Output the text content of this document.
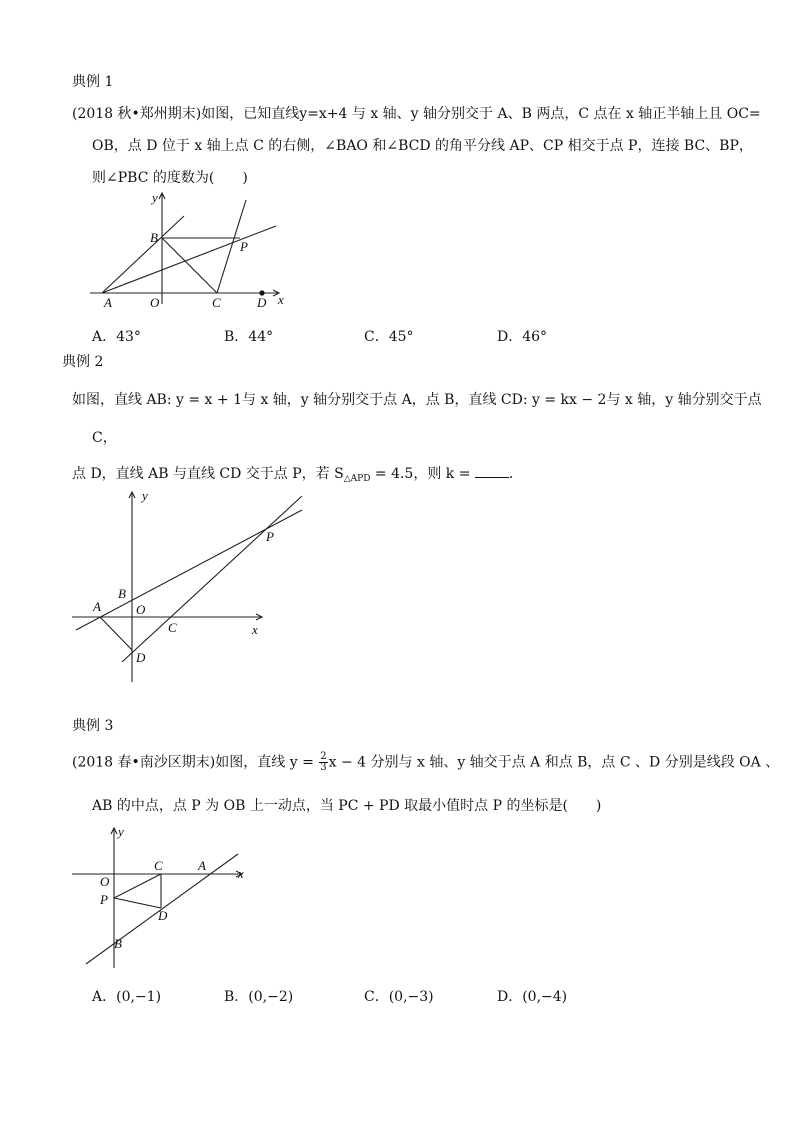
典例 1
(2018 秋•郑州期末)如图，已知直线y=x+4 与 x 轴、y 轴分别交于 A、B 两点，C 点在 x 轴正半轴上且 OC=
OB，点 D 位于 x 轴上点 C 的右侧，∠BAO 和∠BCD 的角平分线 AP、CP 相交于点 P，连接 BC、BP，
则∠PBC 的度数为(　　)
y
x
A	O
B
C	D
P
A．43°	B．44°	C．45°	D．46°
典例 2
如图，直线 AB: y = x + 1与 x 轴，y 轴分别交于点 A，点 B，直线 CD: y = kx − 2与 x 轴，y 轴分别交于点
C，
点 D，直线 AB 与直线 CD 交于点 P，若 $S_{\triangle APD} = 4.5$，则 k =	．
y
x
A
B
O
C
D
P
典例 3
(2018 春•南沙区期末)如图，直线 $y = \frac{2}{3}$ x − 4 分别与 x 轴、y 轴交于点 A 和点 B，点 C 、D 分别是线段 OA 、
AB 的中点，点 P 为 OB 上一动点，当 PC + PD 取最小值时点 P 的坐标是(　　)
y
x
C	A
O
P
D
B
A．(0,−1)	B．(0,−2)	C．(0,−3)	D．(0,−4)
